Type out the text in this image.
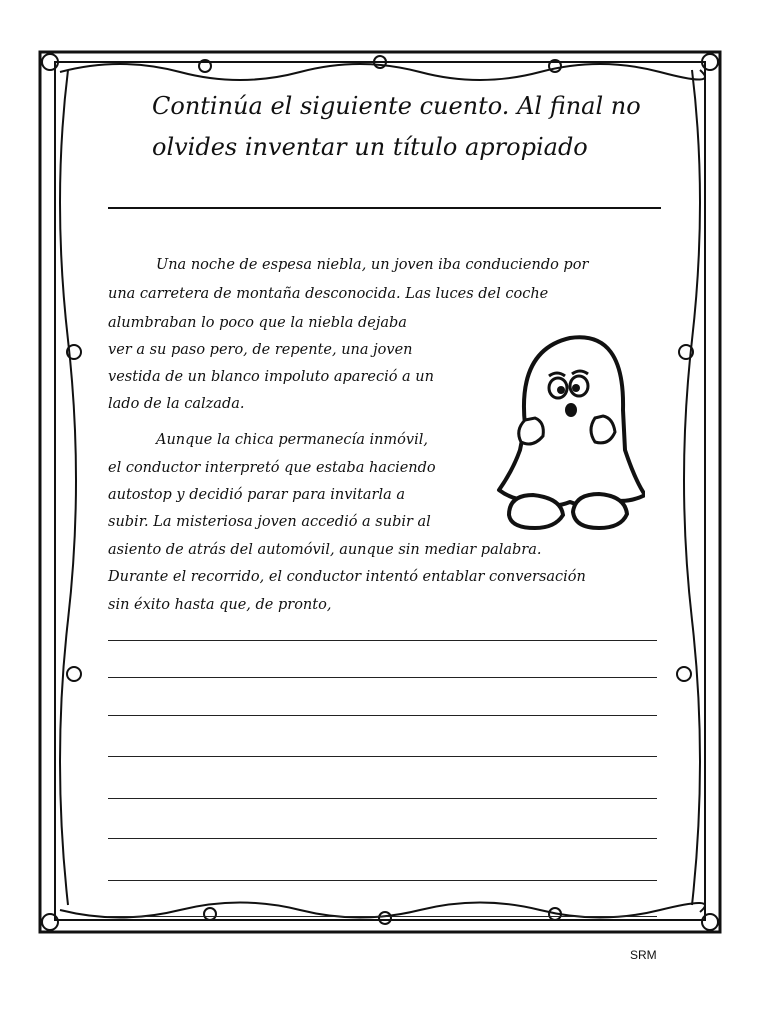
Continúa el siguiente cuento. Al final no
olvides inventar un título apropiado
Una noche de espesa niebla, un joven iba conduciendo por
una carretera de montaña desconocida. Las luces del coche
alumbraban lo poco que la niebla dejaba
ver a su paso pero, de repente, una joven
vestida de un blanco impoluto apareció a un
lado de la calzada.
Aunque la chica permanecía inmóvil,
el conductor interpretó que estaba haciendo
autostop y decidió parar para invitarla a
subir. La misteriosa joven accedió a subir al
asiento de atrás del automóvil, aunque sin mediar palabra.
Durante el recorrido, el conductor intentó entablar conversación
sin éxito hasta que, de pronto,
SRM
